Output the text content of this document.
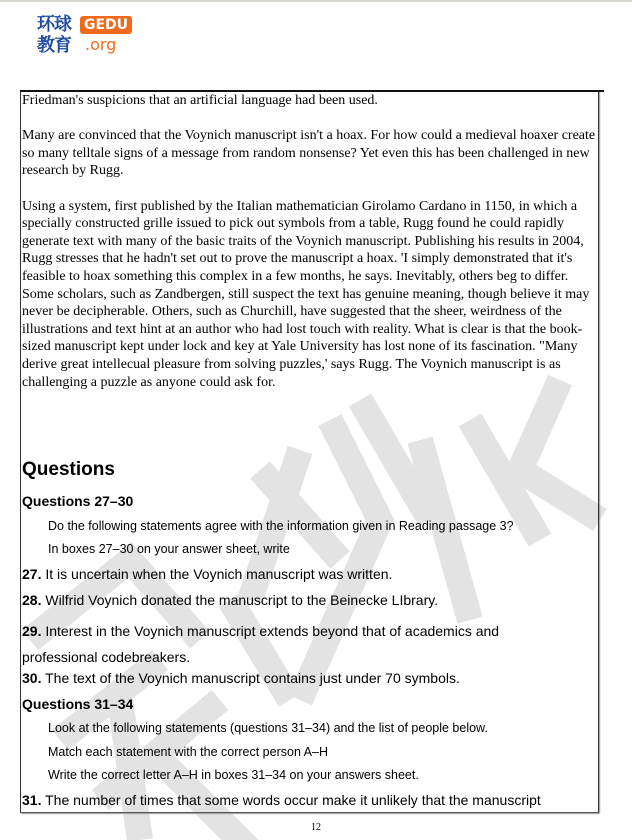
环球
教育
GEDU
.org

Friedman's suspicions that an artificial language had been used.

Many are convinced that the Voynich manuscript isn't a hoax. For how could a medieval hoaxer create so many telltale signs of a message from random nonsense? Yet even this has been challenged in new research by Rugg.

Using a system, first published by the Italian mathematician Girolamo Cardano in 1150, in which a specially constructed grille issued to pick out symbols from a table, Rugg found he could rapidly generate text with many of the basic traits of the Voynich manuscript. Publishing his results in 2004, Rugg stresses that he hadn't set out to prove the manuscript a hoax. 'I simply demonstrated that it's feasible to hoax something this complex in a few months, he says. Inevitably, others beg to differ. Some scholars, such as Zandbergen, still suspect the text has genuine meaning, though believe it may never be decipherable. Others, such as Churchill, have suggested that the sheer, weirdness of the illustrations and text hint at an author who had lost touch with reality. What is clear is that the book-sized manuscript kept under lock and key at Yale University has lost none of its fascination. "Many derive great intellecual pleasure from solving puzzles,' says Rugg. The Voynich manuscript is as challenging a puzzle as anyone could ask for.

Questions
Questions 27–30
Do the following statements agree with the information given in Reading passage 3?
In boxes 27–30 on your answer sheet, write
27. It is uncertain when the Voynich manuscript was written.
28. Wilfrid Voynich donated the manuscript to the Beinecke LIbrary.
29. Interest in the Voynich manuscript extends beyond that of academics and professional codebreakers.
30. The text of the Voynich manuscript contains just under 70 symbols.
Questions 31–34
Look at the following statements (questions 31–34) and the list of people below.
Match each statement with the correct person A–H
Write the correct letter A–H in boxes 31–34 on your answers sheet.
31. The number of times that some words occur make it unlikely that the manuscript
12
